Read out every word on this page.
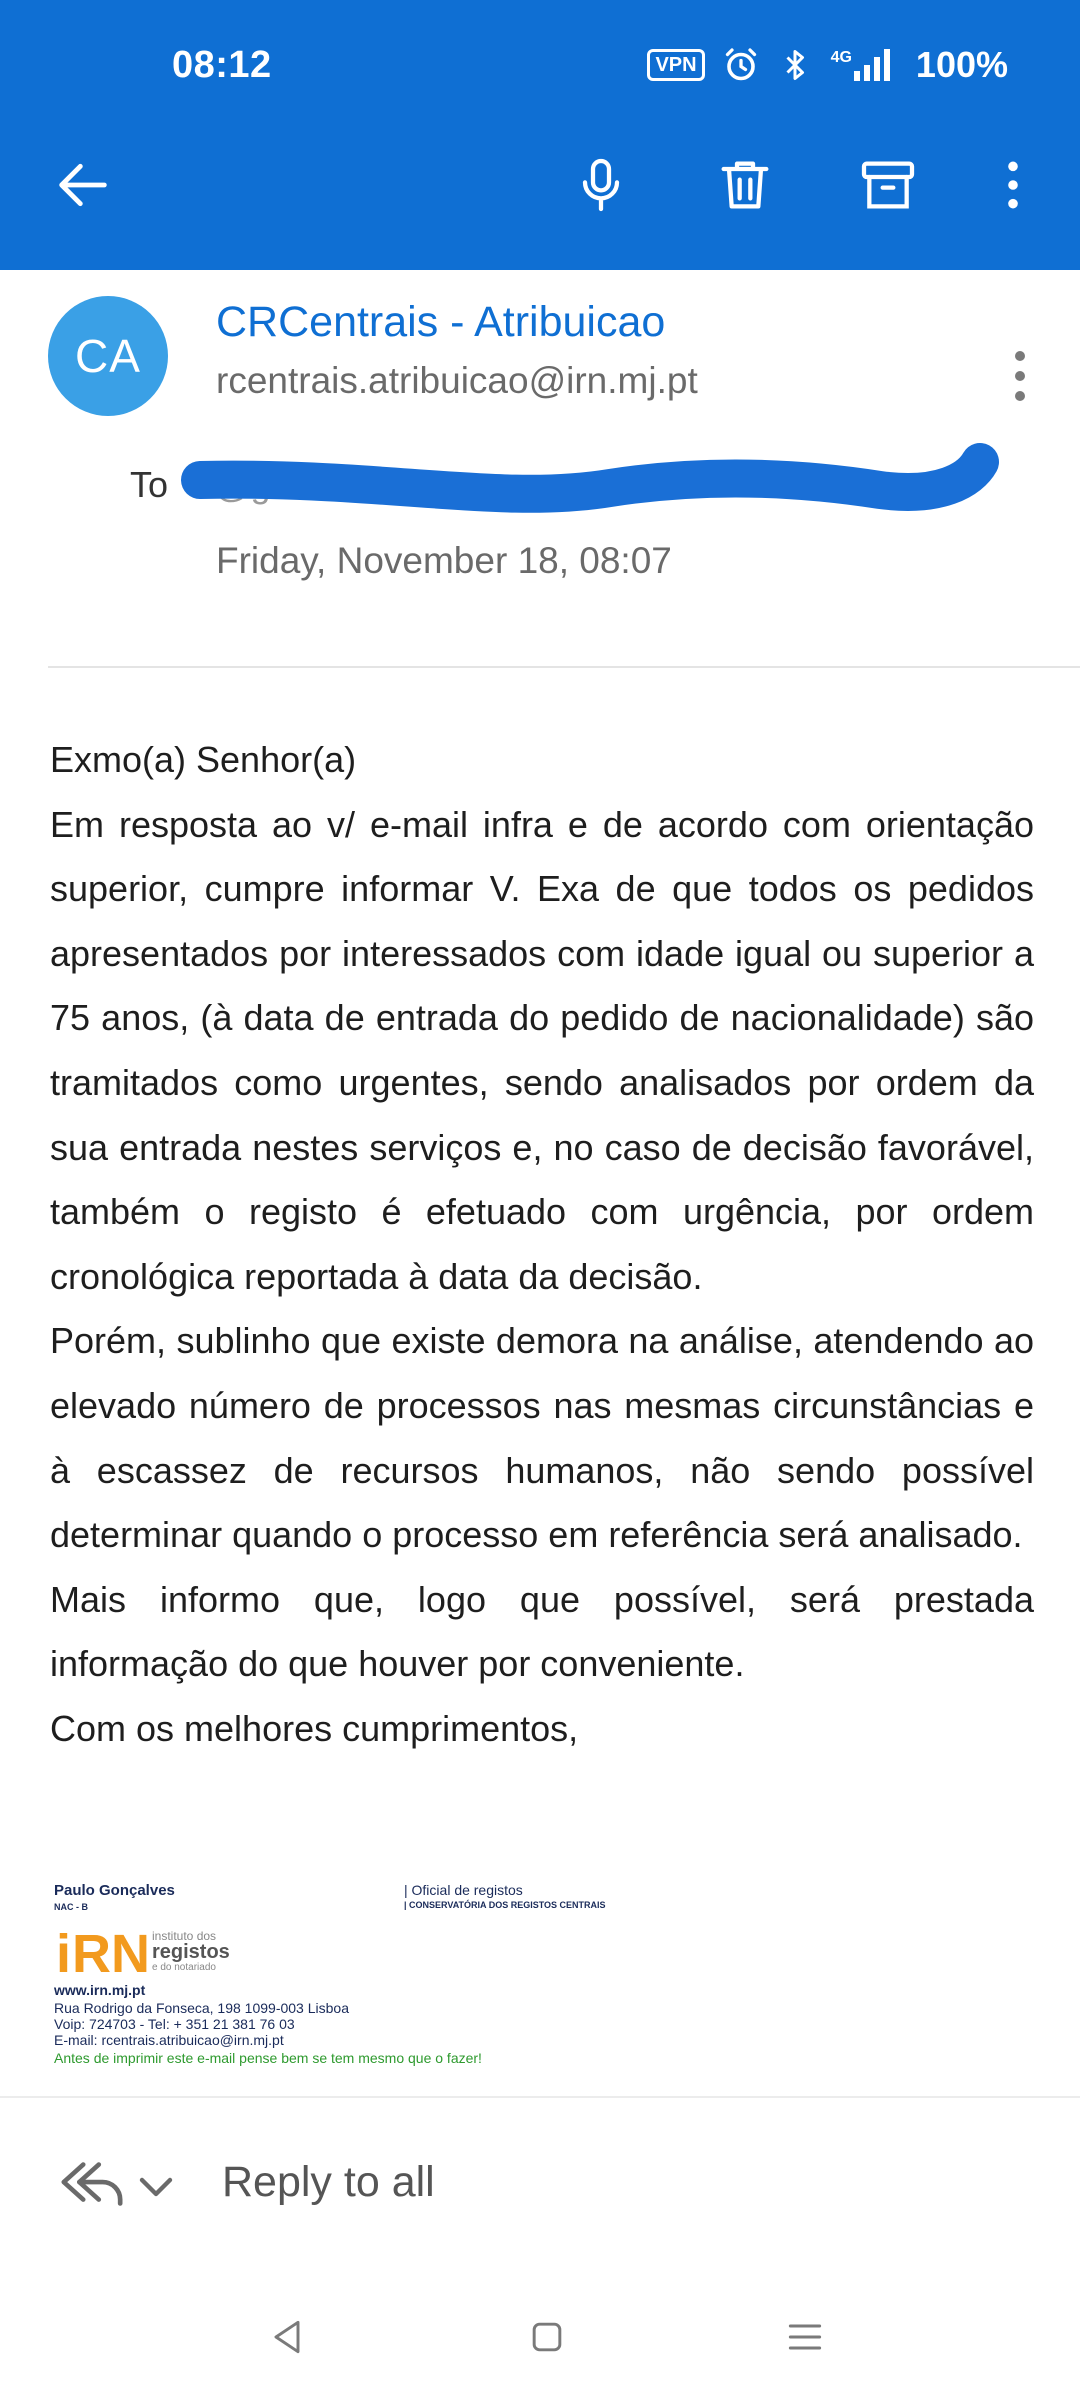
08:12	VPN	4G 100%
CA
CRCentrais - Atribuicao
rcentrais.atribuicao@irn.mj.pt
To @gmail... ...@gm...
Friday, November 18, 08:07

Exmo(a) Senhor(a)

Em resposta ao v/ e-mail infra e de acordo com orientação superior, cumpre informar V. Exa de que todos os pedidos apresentados por interessados com idade igual ou superior a 75 anos, (à data de entrada do pedido de nacionalidade) são tramitados como urgentes, sendo analisados por ordem da sua entrada nestes serviços e, no caso de decisão favorável, também o registo é efetuado com urgência, por ordem cronológica reportada à data da decisão.

Porém, sublinho que existe demora na análise, atendendo ao elevado número de processos nas mesmas circunstâncias e à escassez de recursos humanos, não sendo possível determinar quando o processo em referência será analisado.

Mais informo que, logo que possível, será prestada informação do que houver por conveniente.

Com os melhores cumprimentos,

Paulo Gonçalves
NAC - B
| Oficial de registos
| CONSERVATÓRIA DOS REGISTOS CENTRAIS
i RN instituto dos
registos
e do notariado
www.irn.mj.pt
Rua Rodrigo da Fonseca, 198 1099-003 Lisboa
Voip: 724703 - Tel: + 351 21 381 76 03
E-mail: rcentrais.atribuicao@irn.mj.pt
Antes de imprimir este e-mail pense bem se tem mesmo que o fazer!
Reply to all
